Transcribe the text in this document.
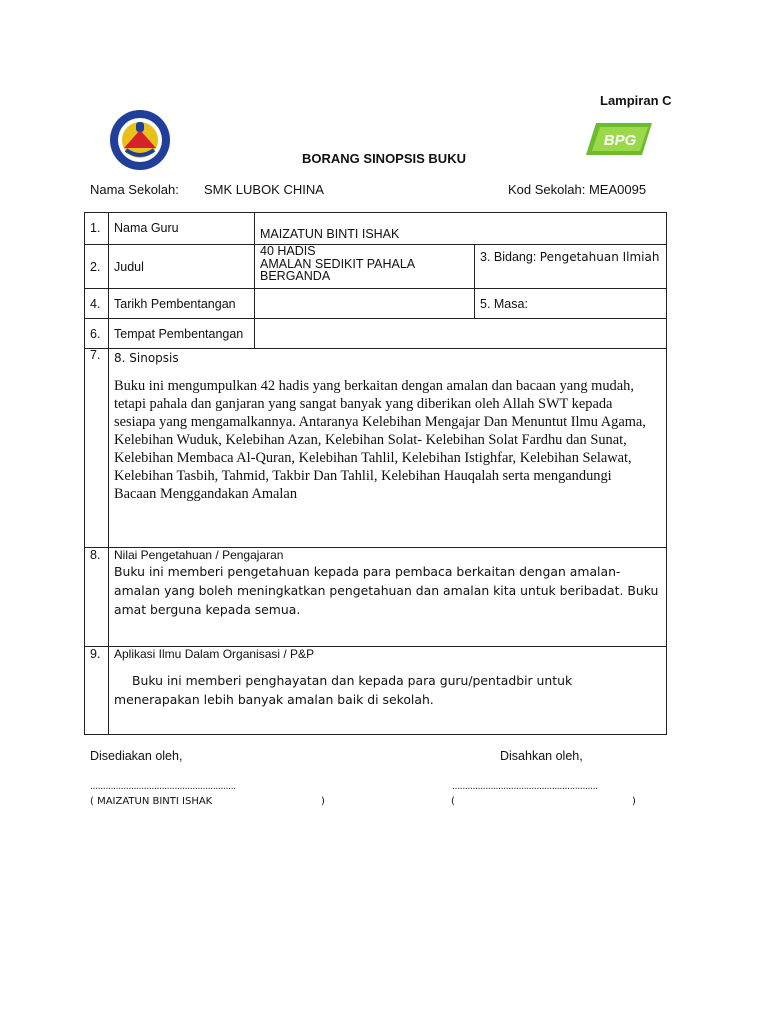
Lampiran C
BPG
BORANG SINOPSIS BUKU
Nama Sekolah: SMK LUBOK CHINA	Kod Sekolah: MEA0095
1.	Nama Guru	MAIZATUN BINTI ISHAK	
2.	Judul	40 HADIS
AMALAN SEDIKIT PAHALA
BERGANDA	3. Bidang: Pengetahuan Ilmiah
4.	Tarikh Pembentangan		5. Masa:
6.	Tempat Pembentangan		
7.	8. Sinopsis
Buku ini mengumpulkan 42 hadis yang berkaitan dengan amalan dan bacaan yang mudah, tetapi pahala dan ganjaran yang sangat banyak yang diberikan oleh Allah SWT kepada sesiapa yang mengamalkannya. Antaranya Kelebihan Mengajar Dan Menuntut Ilmu Agama, Kelebihan Wuduk, Kelebihan Azan, Kelebihan Solat- Kelebihan Solat Fardhu dan Sunat, Kelebihan Membaca Al-Quran, Kelebihan Tahlil, Kelebihan Istighfar, Kelebihan Selawat, Kelebihan Tasbih, Tahmid, Takbir Dan Tahlil, Kelebihan Hauqalah serta mengandungi Bacaan Menggandakan Amalan		

8.	Nilai Pengetahuan / Pengajaran
Buku ini memberi pengetahuan kepada para pembaca berkaitan dengan amalan-amalan yang boleh meningkatkan pengetahuan dan amalan kita untuk beribadat. Buku amat berguna kepada semua.		

9.	Aplikasi Ilmu Dalam Organisasi / P&P
Buku ini memberi penghayatan dan kepada para guru/pentadbir untuk menerapakan lebih banyak amalan baik di sekolah.		
Disediakan oleh,	Disahkan oleh,
.........................................................	.........................................................
( MAIZATUN BINTI ISHAK	)	(	)
